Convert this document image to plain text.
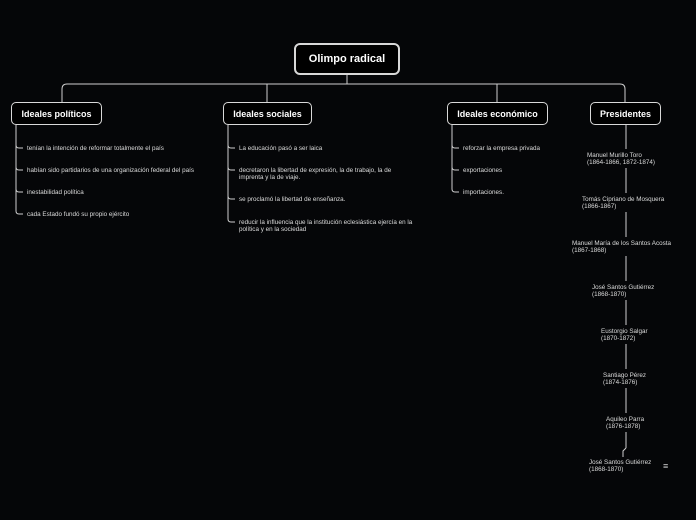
Olimpo radical
Ideales políticos	Ideales sociales	Ideales económico	Presidentes
tenían la intención de reformar totalmente el país
habían sido partidarios de una organización federal del país
inestabilidad política
cada Estado fundó su propio ejército
La educación pasó a ser laica
decretaron la libertad de expresión, la de trabajo, la de
imprenta y la de viaje.
se proclamó la libertad de enseñanza.
reducir la influencia que la institución eclesiástica ejercía en la
política y en la sociedad
reforzar la empresa privada
exportaciones
importaciones.
Manuel Murillo Toro
(1864-1866, 1872-1874)
Tomás Cipriano de Mosquera
(1866-1867)
Manuel María de los Santos Acosta
(1867-1868)
José Santos Gutiérrez
(1868-1870)
Eustorgio Salgar
(1870-1872)
Santiago Pérez
(1874-1876)
Aquileo Parra
(1876-1878)
José Santos Gutiérrez
(1868-1870)	≡
